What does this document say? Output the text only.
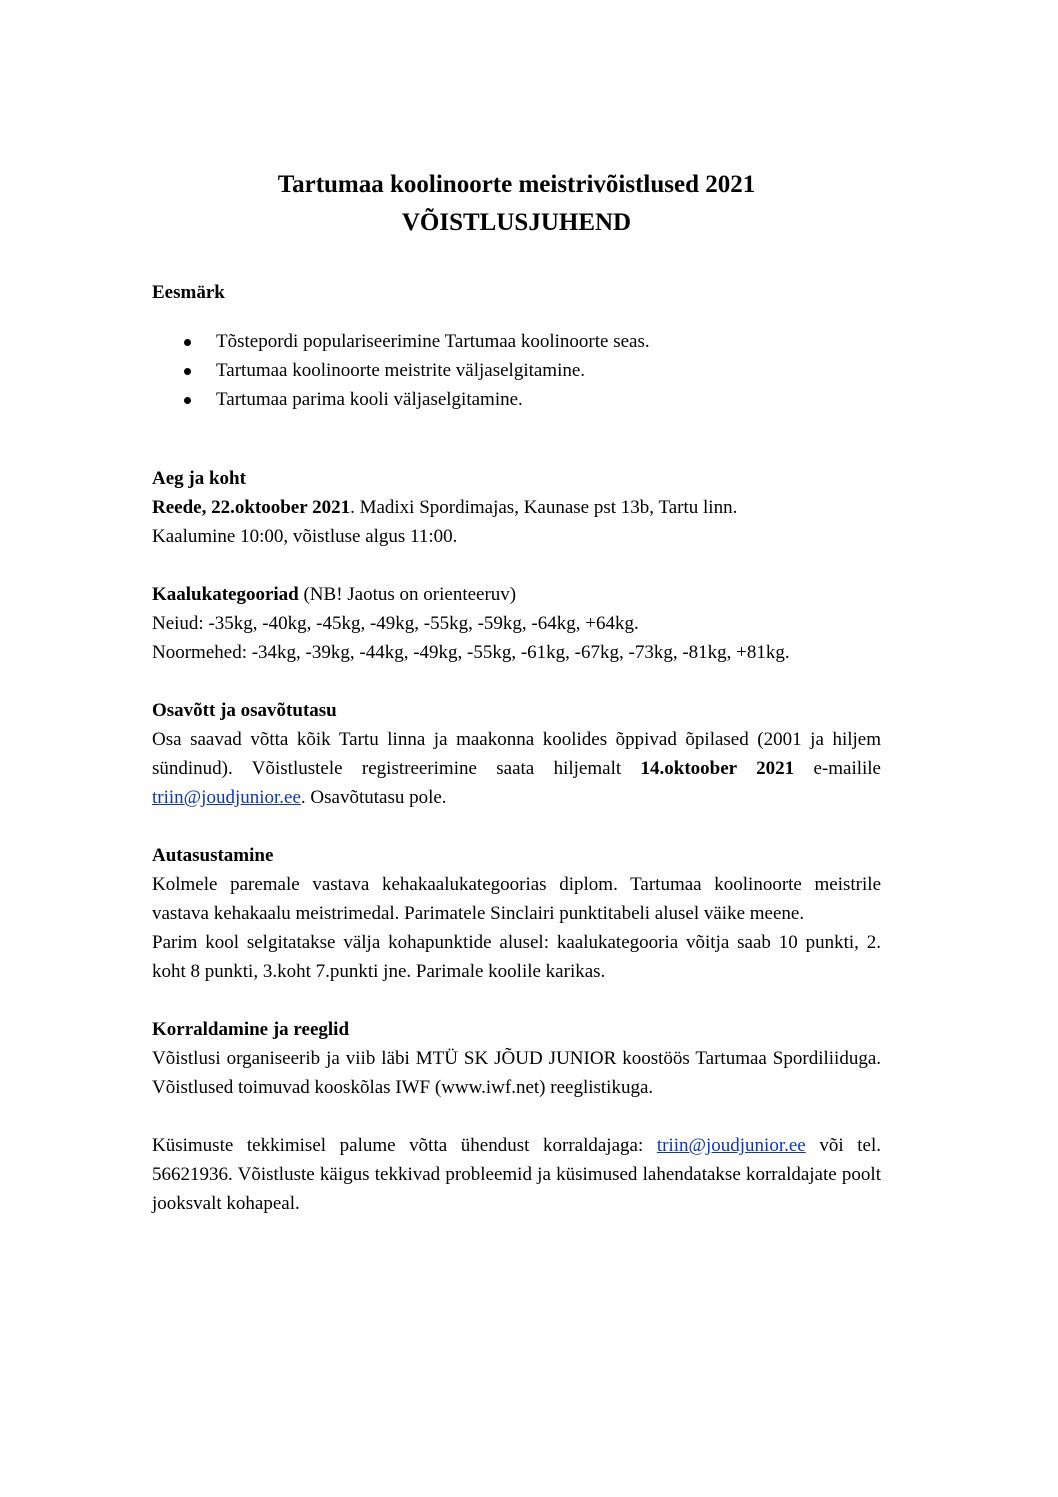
Tartumaa koolinoorte meistrivõistlused 2021
VÕISTLUSJUHEND
Eesmärk
Tõstepordi populariseerimine Tartumaa koolinoorte seas.
Tartumaa koolinoorte meistrite väljaselgitamine.
Tartumaa parima kooli väljaselgitamine.
Aeg ja koht

Reede, 22.oktoober 2021. Madixi Spordimajas, Kaunase pst 13b, Tartu linn.

Kaalumine 10:00, võistluse algus 11:00.

Kaalukategooriad (NB! Jaotus on orienteeruv)

Neiud: -35kg, -40kg, -45kg, -49kg, -55kg, -59kg, -64kg, +64kg.

Noormehed: -34kg, -39kg, -44kg, -49kg, -55kg, -61kg, -67kg, -73kg, -81kg, +81kg.

Osavõtt ja osavõtutasu

Osa saavad võtta kõik Tartu linna ja maakonna koolides õppivad õpilased (2001 ja hiljem sündinud). Võistlustele registreerimine saata hiljemalt 14.oktoober 2021 e-mailile triin@joudjunior.ee. Osavõtutasu pole.

Autasustamine

Kolmele paremale vastava kehakaalukategoorias diplom. Tartumaa koolinoorte meistrile vastava kehakaalu meistrimedal. Parimatele Sinclairi punktitabeli alusel väike meene.

Parim kool selgitatakse välja kohapunktide alusel: kaalukategooria võitja saab 10 punkti, 2. koht 8 punkti, 3.koht 7.punkti jne. Parimale koolile karikas.

Korraldamine ja reeglid

Võistlusi organiseerib ja viib läbi MTÜ SK JÕUD JUNIOR koostöös Tartumaa Spordiliiduga. Võistlused toimuvad kooskõlas IWF (www.iwf.net) reeglistikuga.

Küsimuste tekkimisel palume võtta ühendust korraldajaga: triin@joudjunior.ee või tel. 56621936. Võistluste käigus tekkivad probleemid ja küsimused lahendatakse korraldajate poolt jooksvalt kohapeal.
